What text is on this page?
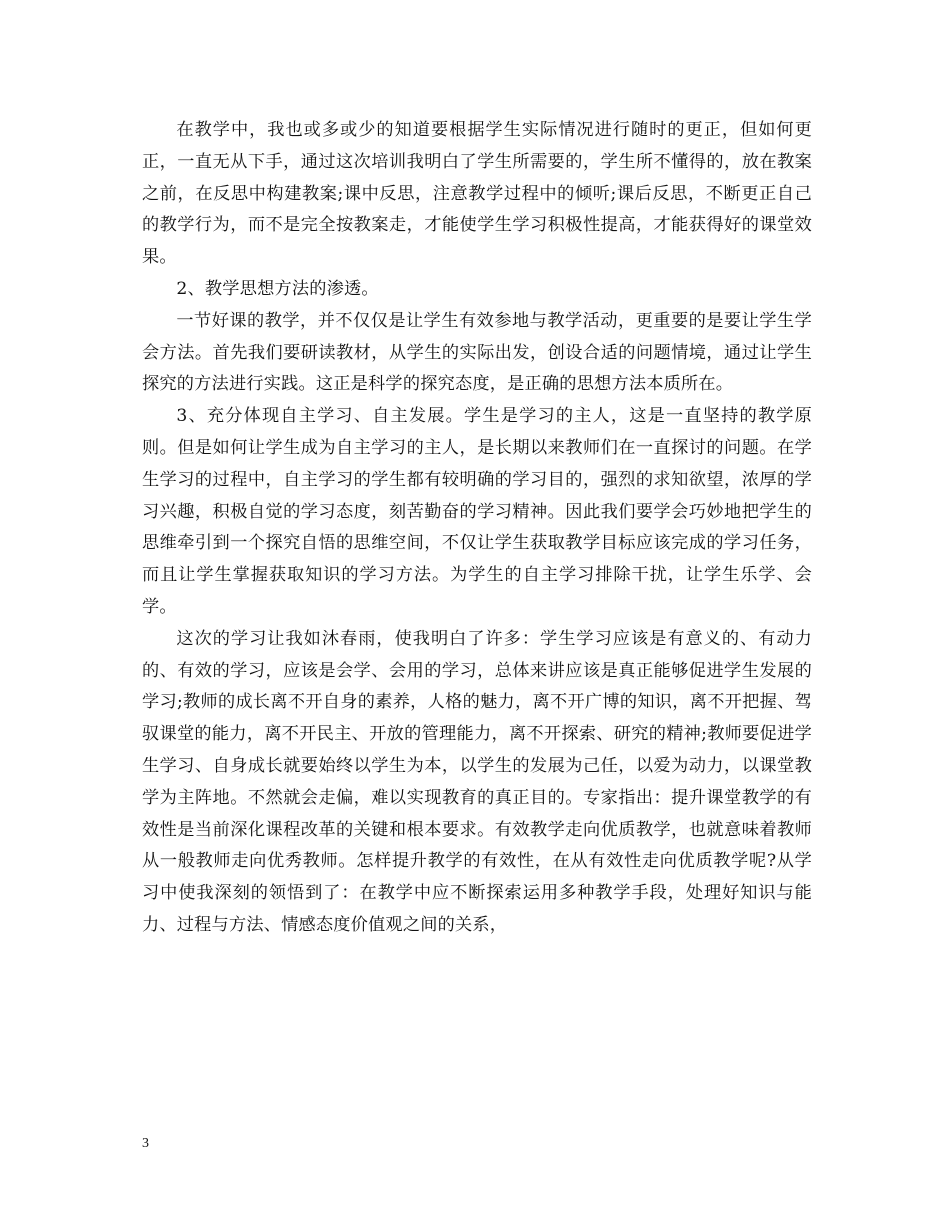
在教学中，我也或多或少的知道要根据学生实际情况进行随时的更正，但如何更正，一直无从下手，通过这次培训我明白了学生所需要的，学生所不懂得的，放在教案之前，在反思中构建教案;课中反思，注意教学过程中的倾听;课后反思，不断更正自己的教学行为，而不是完全按教案走，才能使学生学习积极性提高，才能获得好的课堂效果。

2、教学思想方法的渗透。

一节好课的教学，并不仅仅是让学生有效参地与教学活动，更重要的是要让学生学会方法。首先我们要研读教材，从学生的实际出发，创设合适的问题情境，通过让学生探究的方法进行实践。这正是科学的探究态度，是正确的思想方法本质所在。

3、充分体现自主学习、自主发展。学生是学习的主人，这是一直坚持的教学原则。但是如何让学生成为自主学习的主人，是长期以来教师们在一直探讨的问题。在学生学习的过程中，自主学习的学生都有较明确的学习目的，强烈的求知欲望，浓厚的学习兴趣，积极自觉的学习态度，刻苦勤奋的学习精神。因此我们要学会巧妙地把学生的思维牵引到一个探究自悟的思维空间，不仅让学生获取教学目标应该完成的学习任务，而且让学生掌握获取知识的学习方法。为学生的自主学习排除干扰，让学生乐学、会学。

这次的学习让我如沐春雨，使我明白了许多：学生学习应该是有意义的、有动力的、有效的学习，应该是会学、会用的学习，总体来讲应该是真正能够促进学生发展的学习;教师的成长离不开自身的素养，人格的魅力，离不开广博的知识，离不开把握、驾驭课堂的能力，离不开民主、开放的管理能力，离不开探索、研究的精神;教师要促进学生学习、自身成长就要始终以学生为本，以学生的发展为己任，以爱为动力，以课堂教学为主阵地。不然就会走偏，难以实现教育的真正目的。专家指出：提升课堂教学的有效性是当前深化课程改革的关键和根本要求。有效教学走向优质教学，也就意味着教师从一般教师走向优秀教师。怎样提升教学的有效性，在从有效性走向优质教学呢?从学习中使我深刻的领悟到了：在教学中应不断探索运用多种教学手段，处理好知识与能力、过程与方法、情感态度价值观之间的关系，

3
